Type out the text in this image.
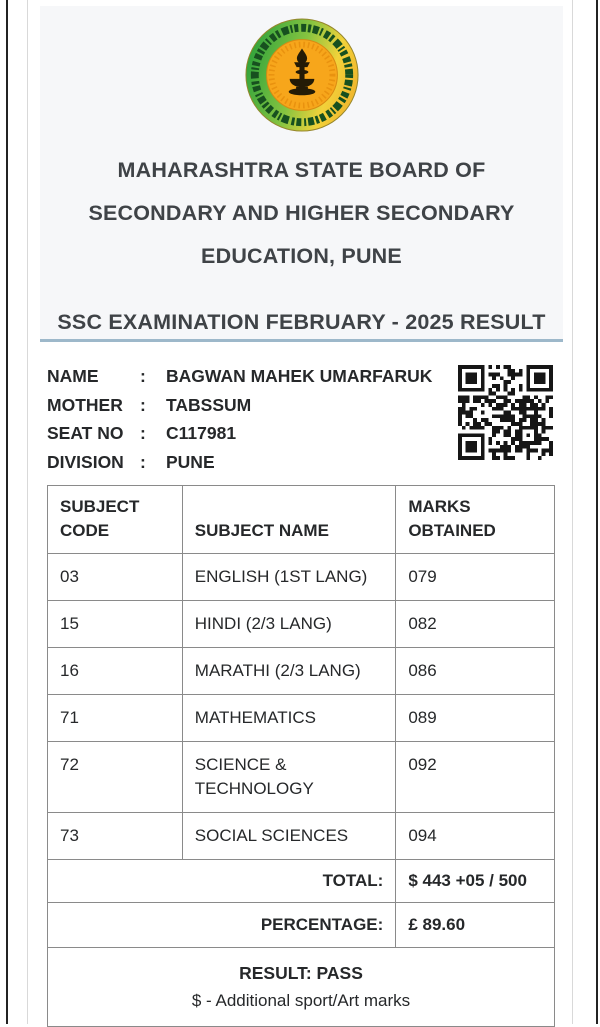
MAHARASHTRA STATE BOARD OF
SECONDARY AND HIGHER SECONDARY
EDUCATION, PUNE
SSC EXAMINATION FEBRUARY - 2025 RESULT
NAME	:	BAGWAN MAHEK UMARFARUK
MOTHER :	TABSSUM
SEAT NO :	C117981
DIVISION :	PUNE
SUBJECT CODE	SUBJECT NAME	MARKS OBTAINED
03	ENGLISH (1ST LANG)	079
15	HINDI (2/3 LANG)	082
16	MARATHI (2/3 LANG)	086
71	MATHEMATICS	089
72	SCIENCE & TECHNOLOGY	092
73	SOCIAL SCIENCES	094
TOTAL:		$ 443 +05 / 500
PERCENTAGE:		£ 89.60

RESULT: PASS
$ - Additional sport/Art marks		
